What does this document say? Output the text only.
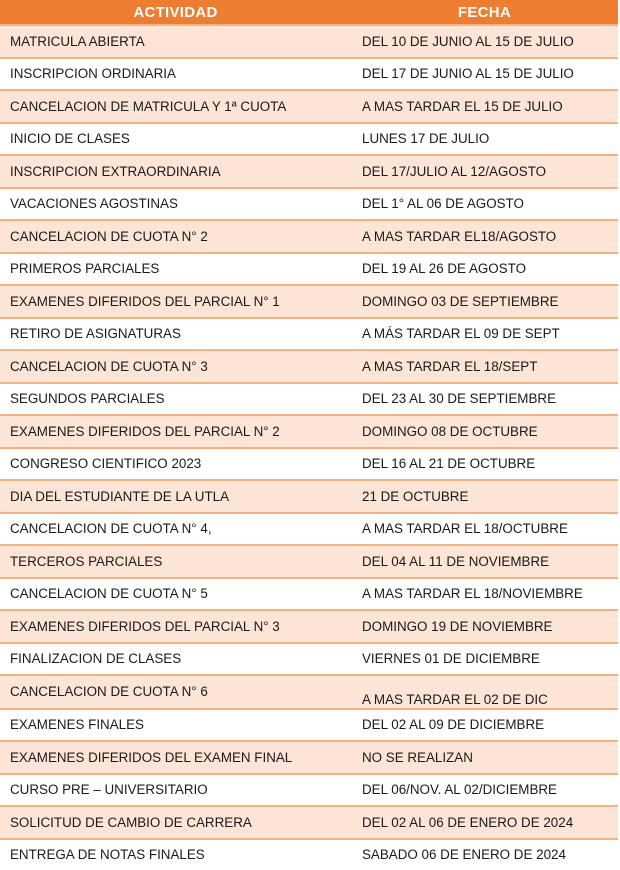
ACTIVIDAD	FECHA
MATRICULA ABIERTA	DEL 10 DE JUNIO AL 15 DE JULIO
INSCRIPCION ORDINARIA	DEL 17 DE JUNIO AL 15 DE JULIO
CANCELACION DE MATRICULA Y 1ª CUOTA	A MAS TARDAR EL 15 DE JULIO
INICIO DE CLASES	LUNES 17 DE JULIO
INSCRIPCION EXTRAORDINARIA	DEL 17/JULIO AL 12/AGOSTO
VACACIONES AGOSTINAS	DEL 1° AL 06 DE AGOSTO
CANCELACION DE CUOTA N° 2	A MAS TARDAR EL18/AGOSTO
PRIMEROS PARCIALES	DEL 19 AL 26 DE AGOSTO
EXAMENES DIFERIDOS DEL PARCIAL N° 1	DOMINGO 03 DE SEPTIEMBRE
RETIRO DE ASIGNATURAS	A MÁS TARDAR EL 09 DE SEPT
CANCELACION DE CUOTA N° 3	A MAS TARDAR EL 18/SEPT
SEGUNDOS PARCIALES	DEL 23 AL 30 DE SEPTIEMBRE
EXAMENES DIFERIDOS DEL PARCIAL N° 2	DOMINGO 08 DE OCTUBRE
CONGRESO CIENTIFICO 2023	DEL 16 AL 21 DE OCTUBRE
DIA DEL ESTUDIANTE DE LA UTLA	21 DE OCTUBRE
CANCELACION DE CUOTA N° 4,	A MAS TARDAR EL 18/OCTUBRE
TERCEROS PARCIALES	DEL 04 AL 11 DE NOVIEMBRE
CANCELACION DE CUOTA N° 5	A MAS TARDAR EL 18/NOVIEMBRE
EXAMENES DIFERIDOS DEL PARCIAL N° 3	DOMINGO 19 DE NOVIEMBRE
FINALIZACION DE CLASES	VIERNES 01 DE DICIEMBRE
CANCELACION DE CUOTA N° 6	A MAS TARDAR EL 02 DE DIC
EXAMENES FINALES	DEL 02 AL 09 DE DICIEMBRE
EXAMENES DIFERIDOS DEL EXAMEN FINAL	NO SE REALIZAN
CURSO PRE – UNIVERSITARIO	DEL 06/NOV. AL 02/DICIEMBRE
SOLICITUD DE CAMBIO DE CARRERA	DEL 02 AL 06 DE ENERO DE 2024
ENTREGA DE NOTAS FINALES	SABADO 06 DE ENERO DE 2024
